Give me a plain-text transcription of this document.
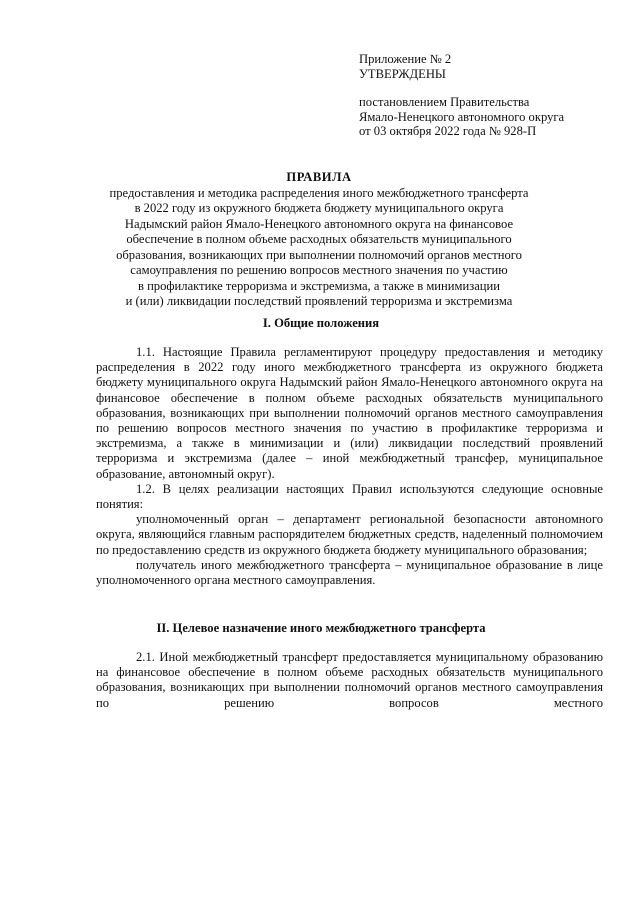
Приложение № 2
УТВЕРЖДЕНЫ
постановлением Правительства
Ямало-Ненецкого автономного округа
от 03 октября 2022 года № 928-П
ПРАВИЛА
предоставления и методика распределения иного межбюджетного трансферта
в 2022 году из окружного бюджета бюджету муниципального округа
Надымский район Ямало-Ненецкого автономного округа на финансовое
обеспечение в полном объеме расходных обязательств муниципального
образования, возникающих при выполнении полномочий органов местного
самоуправления по решению вопросов местного значения по участию
в профилактике терроризма и экстремизма, а также в минимизации
и (или) ликвидации последствий проявлений терроризма и экстремизма
I. Общие положения

1.1. Настоящие Правила регламентируют процедуру предоставления и методику распределения в 2022 году иного межбюджетного трансферта из окружного бюджета бюджету муниципального округа Надымский район Ямало-Ненецкого автономного округа на финансовое обеспечение в полном объеме расходных обязательств муниципального образования, возникающих при выполнении полномочий органов местного самоуправления по решению вопросов местного значения по участию в профилактике терроризма и экстремизма, а также в минимизации и (или) ликвидации последствий проявлений терроризма и экстремизма (далее – иной межбюджетный трансфер, муниципальное образование, автономный округ).

1.2. В целях реализации настоящих Правил используются следующие основные понятия:

уполномоченный орган – департамент региональной безопасности автономного округа, являющийся главным распорядителем бюджетных средств, наделенный полномочием по предоставлению средств из окружного бюджета бюджету муниципального образования;

получатель иного межбюджетного трансферта – муниципальное образование в лице уполномоченного органа местного самоуправления.

II. Целевое назначение иного межбюджетного трансферта

2.1. Иной межбюджетный трансферт предоставляется муниципальному образованию на финансовое обеспечение в полном объеме расходных обязательств муниципального образования, возникающих при выполнении полномочий органов местного самоуправления по решению вопросов местного
